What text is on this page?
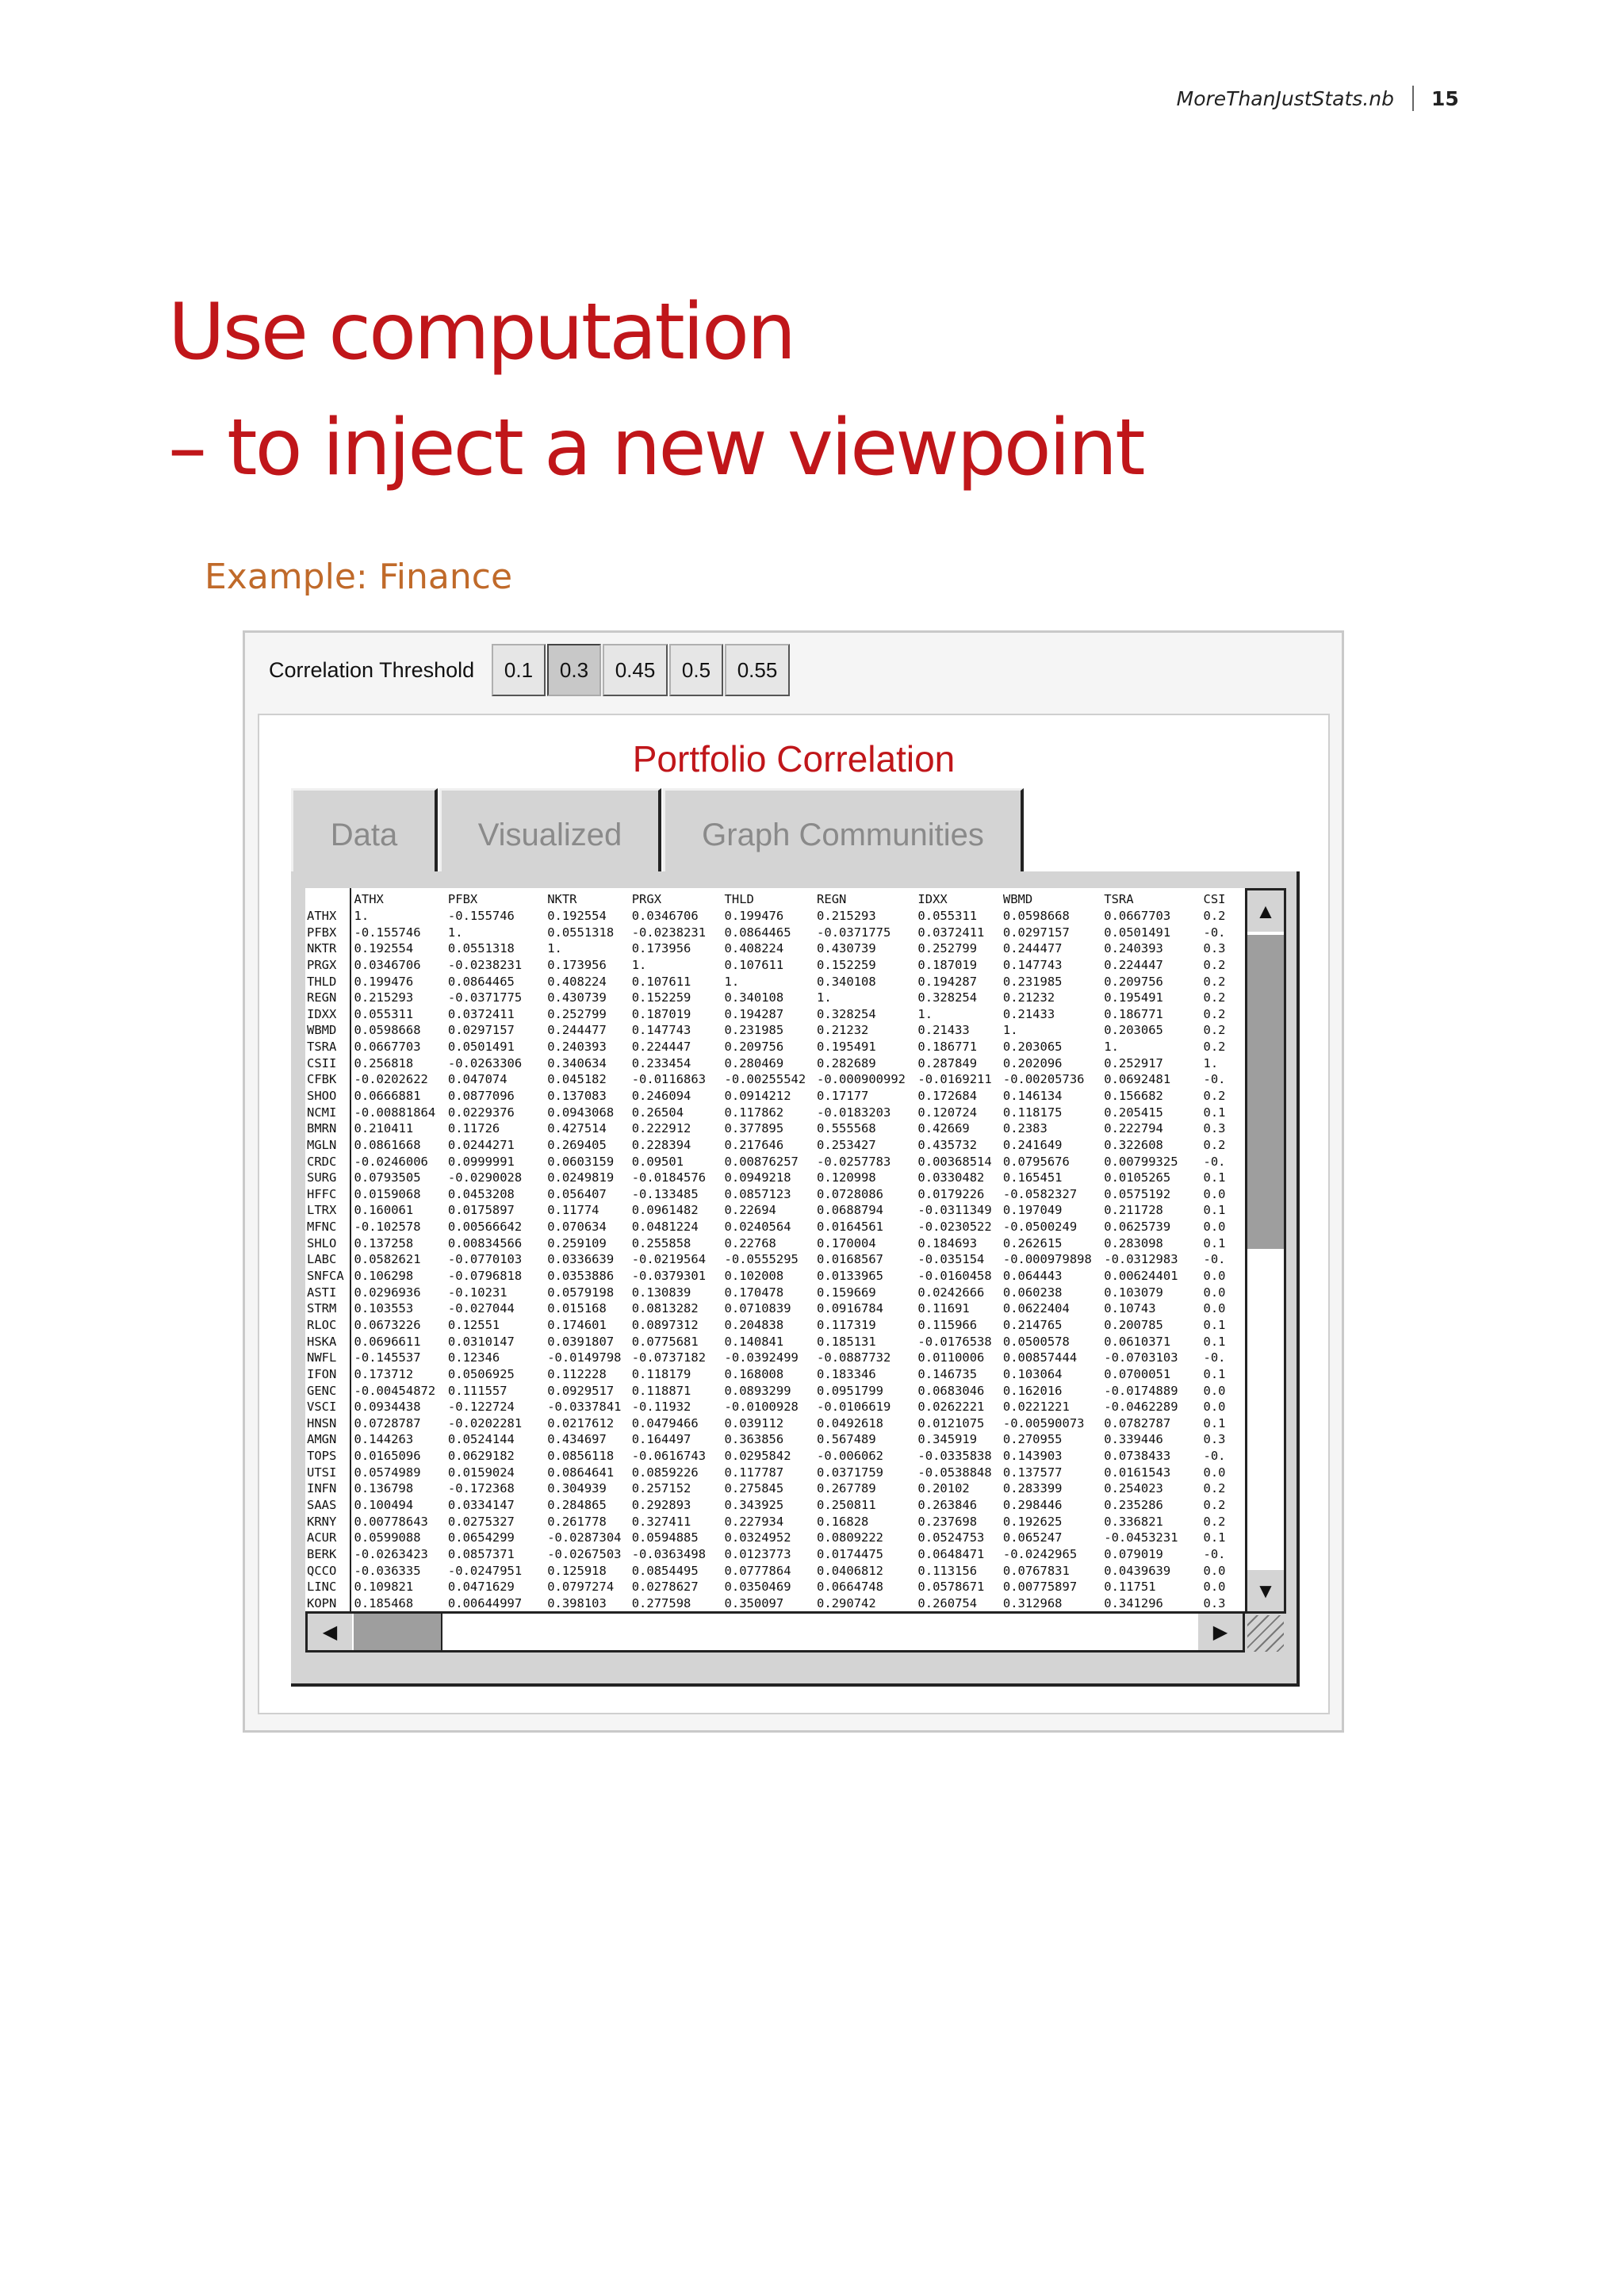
MoreThanJustStats.nb 15
Use computation
– to inject a new viewpoint
Example: Finance
Correlation Threshold	0.1	0.3	0.45	0.5	0.55
Portfolio Correlation
Data	Visualized	Graph Communities
	ATHX	PFBX	NKTR	PRGX	THLD	REGN	IDXX	WBMD	TSRA	CSI
ATHX	1.	-0.155746	0.192554	0.0346706	0.199476	0.215293	0.055311	0.0598668	0.0667703	0.2
PFBX	-0.155746	1.	0.0551318	-0.0238231	0.0864465	-0.0371775	0.0372411	0.0297157	0.0501491	-0.
NKTR	0.192554	0.0551318	1.	0.173956	0.408224	0.430739	0.252799	0.244477	0.240393	0.3
PRGX	0.0346706	-0.0238231	0.173956	1.	0.107611	0.152259	0.187019	0.147743	0.224447	0.2
THLD	0.199476	0.0864465	0.408224	0.107611	1.	0.340108	0.194287	0.231985	0.209756	0.2
REGN	0.215293	-0.0371775	0.430739	0.152259	0.340108	1.	0.328254	0.21232	0.195491	0.2
IDXX	0.055311	0.0372411	0.252799	0.187019	0.194287	0.328254	1.	0.21433	0.186771	0.2
WBMD	0.0598668	0.0297157	0.244477	0.147743	0.231985	0.21232	0.21433	1.	0.203065	0.2
TSRA	0.0667703	0.0501491	0.240393	0.224447	0.209756	0.195491	0.186771	0.203065	1.	0.2
CSII	0.256818	-0.0263306	0.340634	0.233454	0.280469	0.282689	0.287849	0.202096	0.252917	1.
CFBK	-0.0202622	0.047074	0.045182	-0.0116863	-0.00255542	-0.000900992	-0.0169211	-0.00205736	0.0692481	-0.
SHOO	0.0666881	0.0877096	0.137083	0.246094	0.0914212	0.17177	0.172684	0.146134	0.156682	0.2
NCMI	-0.00881864	0.0229376	0.0943068	0.26504	0.117862	-0.0183203	0.120724	0.118175	0.205415	0.1
BMRN	0.210411	0.11726	0.427514	0.222912	0.377895	0.555568	0.42669	0.2383	0.222794	0.3
MGLN	0.0861668	0.0244271	0.269405	0.228394	0.217646	0.253427	0.435732	0.241649	0.322608	0.2
CRDC	-0.0246006	0.0999991	0.0603159	0.09501	0.00876257	-0.0257783	0.00368514	0.0795676	0.00799325	-0.
SURG	0.0793505	-0.0290028	0.0249819	-0.0184576	0.0949218	0.120998	0.0330482	0.165451	0.0105265	0.1
HFFC	0.0159068	0.0453208	0.056407	-0.133485	0.0857123	0.0728086	0.0179226	-0.0582327	0.0575192	0.0
LTRX	0.160061	0.0175897	0.11774	0.0961482	0.22694	0.0688794	-0.0311349	0.197049	0.211728	0.1
MFNC	-0.102578	0.00566642	0.070634	0.0481224	0.0240564	0.0164561	-0.0230522	-0.0500249	0.0625739	0.0
SHLO	0.137258	0.00834566	0.259109	0.255858	0.22768	0.170004	0.184693	0.262615	0.283098	0.1
LABC	0.0582621	-0.0770103	0.0336639	-0.0219564	-0.0555295	0.0168567	-0.035154	-0.000979898	-0.0312983	-0.
SNFCA	0.106298	-0.0796818	0.0353886	-0.0379301	0.102008	0.0133965	-0.0160458	0.064443	0.00624401	0.0
ASTI	0.0296936	-0.10231	0.0579198	0.130839	0.170478	0.159669	0.0242666	0.060238	0.103079	0.0
STRM	0.103553	-0.027044	0.015168	0.0813282	0.0710839	0.0916784	0.11691	0.0622404	0.10743	0.0
RLOC	0.0673226	0.12551	0.174601	0.0897312	0.204838	0.117319	0.115966	0.214765	0.200785	0.1
HSKA	0.0696611	0.0310147	0.0391807	0.0775681	0.140841	0.185131	-0.0176538	0.0500578	0.0610371	0.1
NWFL	-0.145537	0.12346	-0.0149798	-0.0737182	-0.0392499	-0.0887732	0.0110006	0.00857444	-0.0703103	-0.
IFON	0.173712	0.0506925	0.112228	0.118179	0.168008	0.183346	0.146735	0.103064	0.0700051	0.1
GENC	-0.00454872	0.111557	0.0929517	0.118871	0.0893299	0.0951799	0.0683046	0.162016	-0.0174889	0.0
VSCI	0.0934438	-0.122724	-0.0337841	-0.11932	-0.0100928	-0.0106619	0.0262221	0.0221221	-0.0462289	0.0
HNSN	0.0728787	-0.0202281	0.0217612	0.0479466	0.039112	0.0492618	0.0121075	-0.00590073	0.0782787	0.1
AMGN	0.144263	0.0524144	0.434697	0.164497	0.363856	0.567489	0.345919	0.270955	0.339446	0.3
TOPS	0.0165096	0.0629182	0.0856118	-0.0616743	0.0295842	-0.006062	-0.0335838	0.143903	0.0738433	-0.
UTSI	0.0574989	0.0159024	0.0864641	0.0859226	0.117787	0.0371759	-0.0538848	0.137577	0.0161543	0.0
INFN	0.136798	-0.172368	0.304939	0.257152	0.275845	0.267789	0.20102	0.283399	0.254023	0.2
SAAS	0.100494	0.0334147	0.284865	0.292893	0.343925	0.250811	0.263846	0.298446	0.235286	0.2
KRNY	0.00778643	0.0275327	0.261778	0.327411	0.227934	0.16828	0.237698	0.192625	0.336821	0.2
ACUR	0.0599088	0.0654299	-0.0287304	0.0594885	0.0324952	0.0809222	0.0524753	0.065247	-0.0453231	0.1
BERK	-0.0263423	0.0857371	-0.0267503	-0.0363498	0.0123773	0.0174475	0.0648471	-0.0242965	0.079019	-0.
QCCO	-0.036335	-0.0247951	0.125918	0.0854495	0.0777864	0.0406812	0.113156	0.0767831	0.0439639	0.0
LINC	0.109821	0.0471629	0.0797274	0.0278627	0.0350469	0.0664748	0.0578671	0.00775897	0.11751	0.0
KOPN	0.185468	0.00644997	0.398103	0.277598	0.350097	0.290742	0.260754	0.312968	0.341296	0.3

▲
▼
◀	▶
